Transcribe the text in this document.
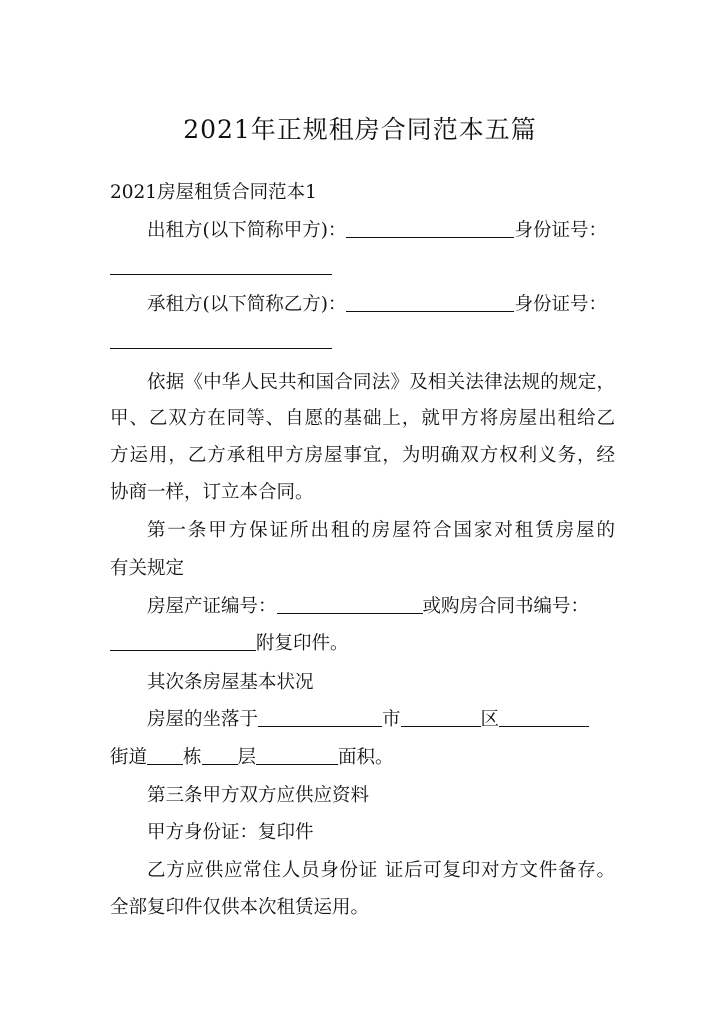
2021年正规租房合同范本五篇
2021房屋租赁合同范本1
出租方(以下简称甲方)：	身份证号：
承租方(以下简称乙方)：	身份证号：
依据《中华人民共和国合同法》及相关法律法规的规定，
甲、乙双方在同等、自愿的基础上，就甲方将房屋出租给乙
方运用，乙方承租甲方房屋事宜，为明确双方权利义务，经
协商一样，订立本合同。
第一条甲方保证所出租的房屋符合国家对租赁房屋的
有关规定
房屋产证编号：	或购房合同书编号：
附复印件。
其次条房屋基本状况
房屋的坐落于	市	区
街道 栋 层	面积。
第三条甲方双方应供应资料
甲方身份证：复印件
乙方应供应常住人员身份证 证后可复印对方文件备存。
全部复印件仅供本次租赁运用。
